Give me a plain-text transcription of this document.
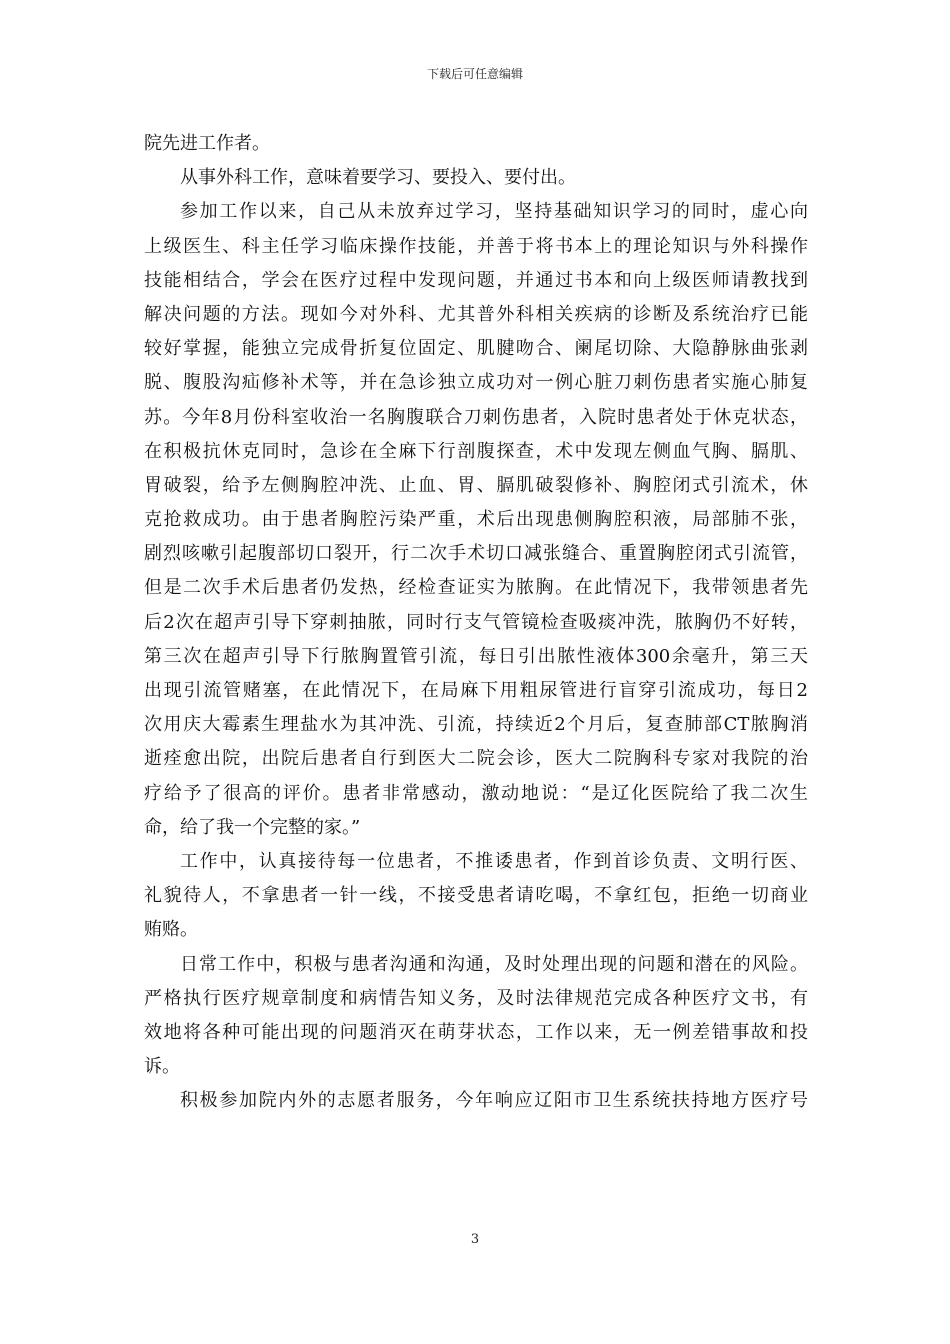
下载后可任意编辑
院先进工作者。
从事外科工作，意味着要学习、要投入、要付出。
参加工作以来，自己从未放弃过学习，坚持基础知识学习的同时，虚心向
上级医生、科主任学习临床操作技能，并善于将书本上的理论知识与外科操作
技能相结合，学会在医疗过程中发现问题，并通过书本和向上级医师请教找到
解决问题的方法。现如今对外科、尤其普外科相关疾病的诊断及系统治疗已能
较好掌握，能独立完成骨折复位固定、肌腱吻合、阑尾切除、大隐静脉曲张剥
脱、腹股沟疝修补术等，并在急诊独立成功对一例心脏刀刺伤患者实施心肺复
苏。今年8月份科室收治一名胸腹联合刀刺伤患者，入院时患者处于休克状态，
在积极抗休克同时，急诊在全麻下行剖腹探查，术中发现左侧血气胸、膈肌、
胃破裂，给予左侧胸腔冲洗、止血、胃、膈肌破裂修补、胸腔闭式引流术，休
克抢救成功。由于患者胸腔污染严重，术后出现患侧胸腔积液，局部肺不张，
剧烈咳嗽引起腹部切口裂开，行二次手术切口减张缝合、重置胸腔闭式引流管，
但是二次手术后患者仍发热，经检查证实为脓胸。在此情况下，我带领患者先
后2次在超声引导下穿刺抽脓，同时行支气管镜检查吸痰冲洗，脓胸仍不好转，
第三次在超声引导下行脓胸置管引流，每日引出脓性液体300余毫升，第三天
出现引流管赌塞，在此情况下，在局麻下用粗尿管进行盲穿引流成功，每日2
次用庆大霉素生理盐水为其冲洗、引流，持续近2个月后，复查肺部CT脓胸消
逝痊愈出院，出院后患者自行到医大二院会诊，医大二院胸科专家对我院的治
疗给予了很高的评价。患者非常感动，激动地说：“是辽化医院给了我二次生
命，给了我一个完整的家。”
工作中，认真接待每一位患者，不推诿患者，作到首诊负责、文明行医、
礼貌待人，不拿患者一针一线，不接受患者请吃喝，不拿红包，拒绝一切商业
贿赂。
日常工作中，积极与患者沟通和沟通，及时处理出现的问题和潜在的风险。
严格执行医疗规章制度和病情告知义务，及时法律规范完成各种医疗文书，有
效地将各种可能出现的问题消灭在萌芽状态，工作以来，无一例差错事故和投
诉。
积极参加院内外的志愿者服务，今年响应辽阳市卫生系统扶持地方医疗号
3
